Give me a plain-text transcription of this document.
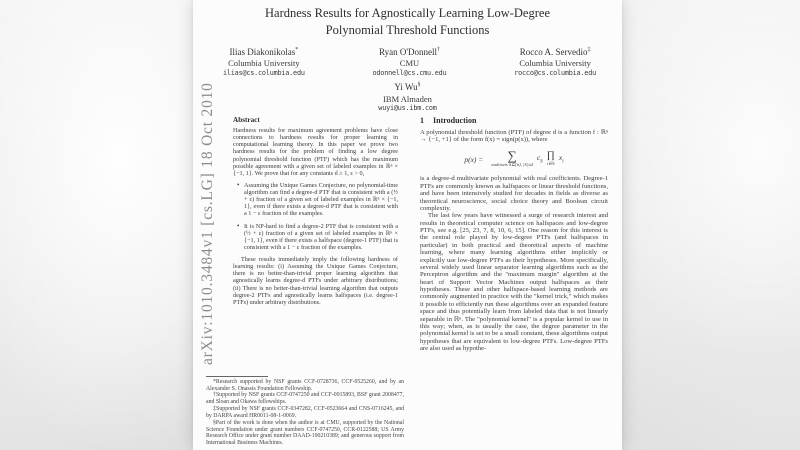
arXiv:1010.3484v1 [cs.LG] 18 Oct 2010
Hardness Results for Agnostically Learning Low-Degree Polynomial Threshold Functions
Ilias Diakonikolas*
Columbia University
ilias@cs.columbia.edu
Ryan O'Donnell†
CMU
odonnell@cs.cmu.edu
Rocco A. Servedio‡
Columbia University
rocco@cs.columbia.edu
Yi Wu§
IBM Almaden
wuyi@us.ibm.com
Abstract
Hardness results for maximum agreement problems have close connections to hardness results for proper learning in computational learning theory. In this paper we prove two hardness results for the problem of finding a low degree polynomial threshold function (PTF) which has the maximum possible agreement with a given set of labeled examples in ℝⁿ × {−1, 1}. We prove that for any constants d ≥ 1, ε > 0,
• Assuming the Unique Games Conjecture, no polynomial-time algorithm can find a degree-d PTF that is consistent with a (½ + ε) fraction of a given set of labeled examples in ℝⁿ × {−1, 1}, even if there exists a degree-d PTF that is consistent with a 1 − ε fraction of the examples.
• It is NP-hard to find a degree-2 PTF that is consistent with a (½ + ε) fraction of a given set of labeled examples in ℝⁿ × {−1, 1}, even if there exists a halfspace (degree-1 PTF) that is consistent with a 1 − ε fraction of the examples.
These results immediately imply the following hardness of learning results: (i) Assuming the Unique Games Conjecture, there is no better-than-trivial proper learning algorithm that agnostically learns degree-d PTFs under arbitrary distributions; (ii) There is no better-than-trivial learning algorithm that outputs degree-2 PTFs and agnostically learns halfspaces (i.e. degree-1 PTFs) under arbitrary distributions.

*Research supported by NSF grants CCF-0728736, CCF-0525260, and by an Alexander S. Onassis Foundation Fellowship.

†Supported by NSF grants CCF-0747250 and CCF-0915893, BSF grant 2008477, and Sloan and Okawa fellowships.

‡Supported by NSF grants CCF-0347282, CCF-0523664 and CNS-0716245, and by DARPA award HR0011-08-1-0069.

§Part of the work is done when the author is at CMU, supported by the National Science Foundation under grant numbers CCF-0747250, CCR-0122588; US Army Research Office under grant number DAAD-190210389; and generous support from International Business Machines.

1 Introduction
A polynomial threshold function (PTF) of degree d is a function f : ℝⁿ → {−1, +1} of the form f(x) = sign(p(x)), where
p(x) = ∑
multisets S⊆[n], |S|≤d
$c_S$
∏
i∈S
$x_i$
is a degree-d multivariate polynomial with real coefficients. Degree-1 PTFs are commonly known as halfspaces or linear threshold functions, and have been intensively studied for decades in fields as diverse as theoretical neuroscience, social choice theory and Boolean circuit complexity.
The last few years have witnessed a surge of research interest and results in theoretical computer science on halfspaces and low-degree PTFs, see e.g. [25, 23, 7, 8, 10, 6, 15]. One reason for this interest is the central role played by low-degree PTFs (and halfspaces in particular) in both practical and theoretical aspects of machine learning, where many learning algorithms either implicitly or explicitly use low-degree PTFs as their hypotheses. More specifically, several widely used linear separator learning algorithms such as the Perceptron algorithm and the "maximum margin" algorithm at the heart of Support Vector Machines output halfspaces as their hypotheses. These and other halfspace-based learning methods are commonly augmented in practice with the "kernel trick," which makes it possible to efficiently run these algorithms over an expanded feature space and thus potentially learn from labeled data that is not linearly separable in ℝⁿ. The "polynomial kernel" is a popular kernel to use in this way; when, as is usually the case, the degree parameter in the polynomial kernel is set to be a small constant, these algorithms output hypotheses that are equivalent to low-degree PTFs. Low-degree PTFs are also used as hypothe-
